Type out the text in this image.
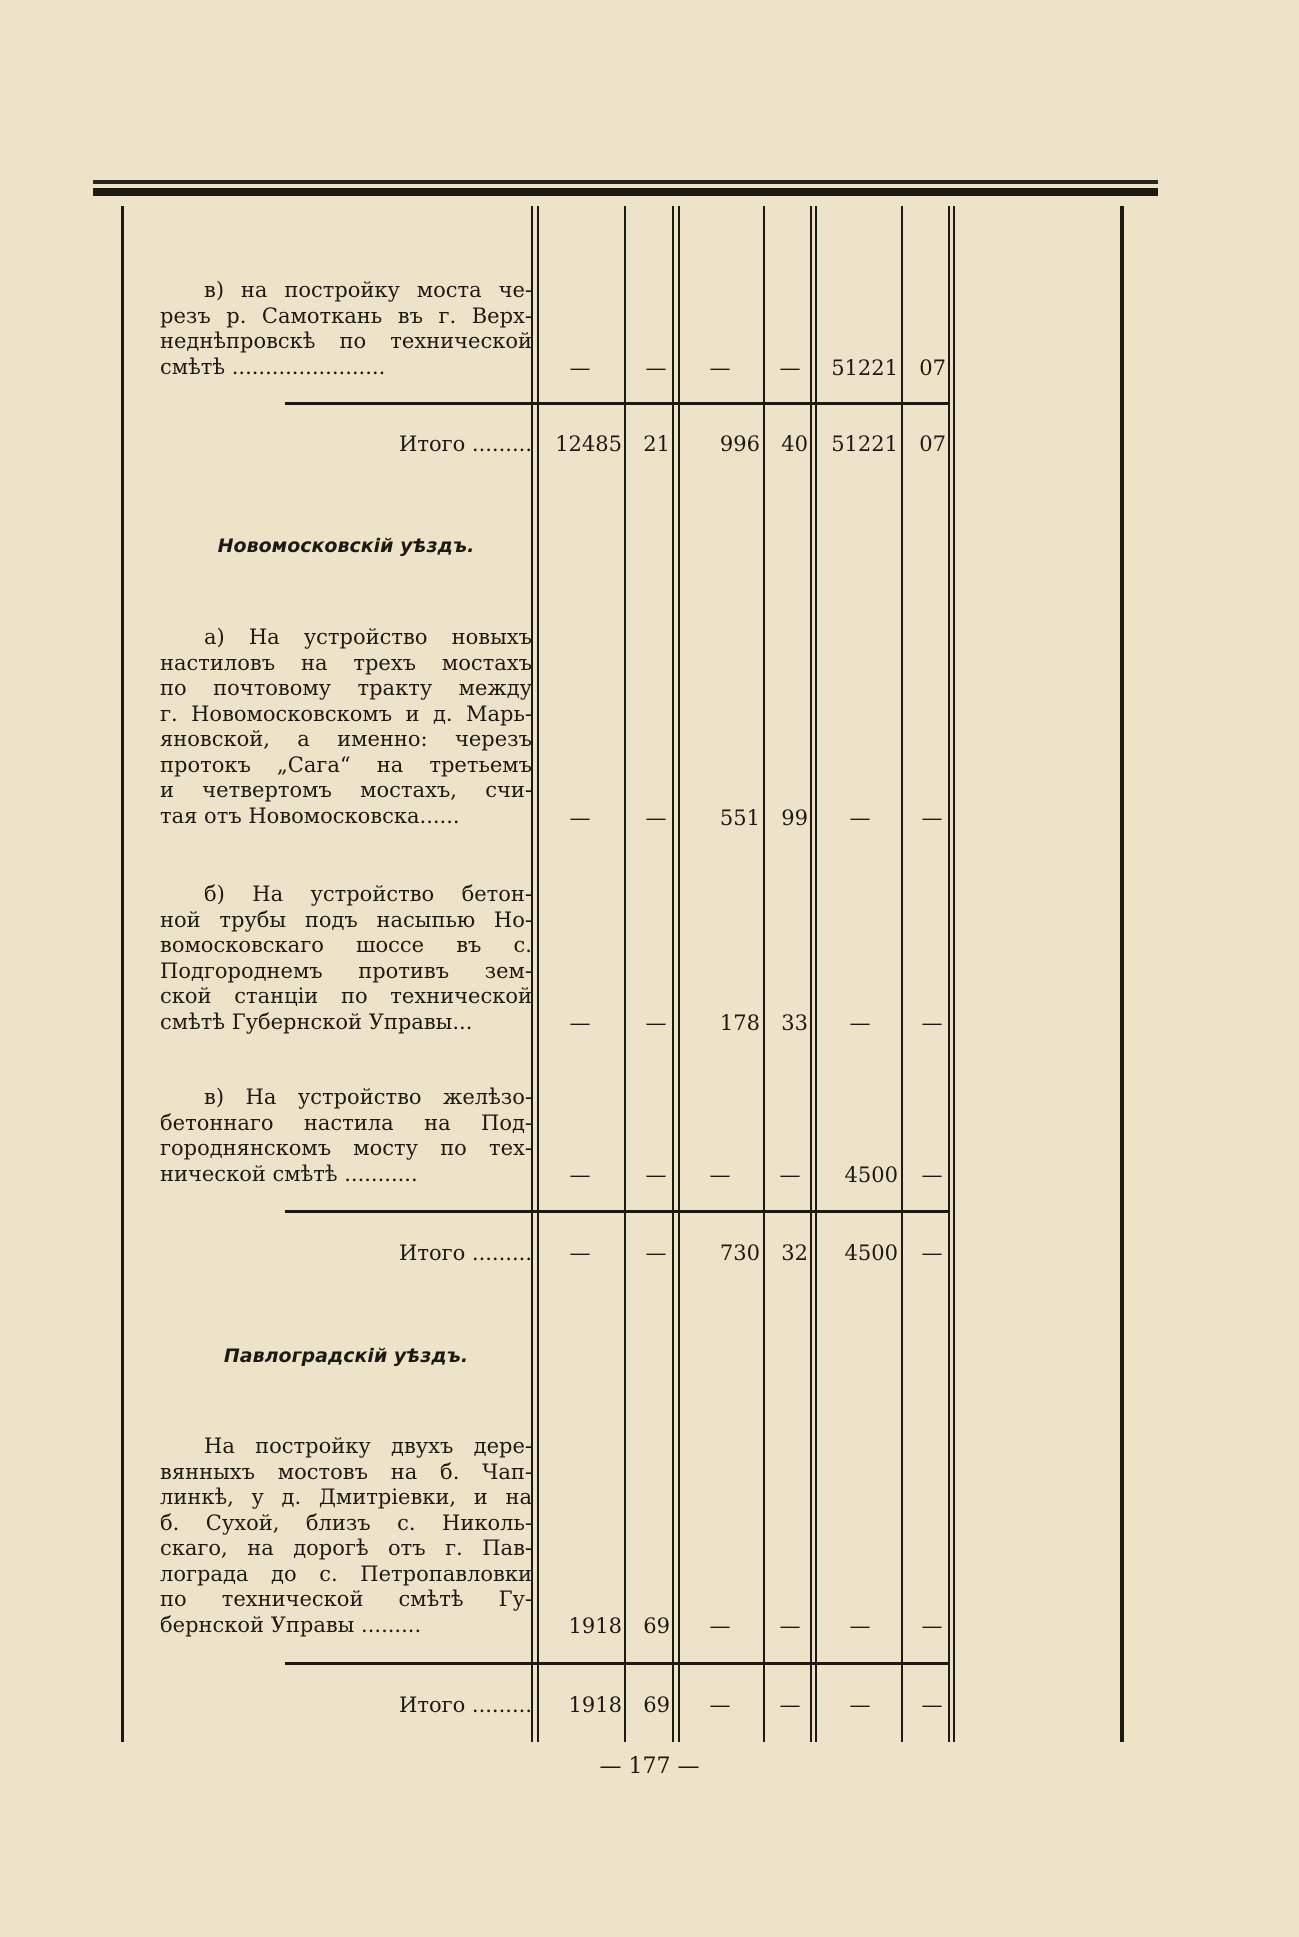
в) на постройку моста че-
резъ р. Самоткань въ г. Верх-
неднѣпровскѣ по технической
смѣтѣ .......................	—	—	—	—	51221	07
Итого .........	12485	21	996	40	51221	07
Новомосковскій уѣздъ.
а) На устройство новыхъ
настиловъ на трехъ мостахъ
по почтовому тракту между
г. Новомосковскомъ и д. Марь-
яновской, а именно: черезъ
протокъ „Сага“ на третьемъ
и четвертомъ мостахъ, счи-
тая отъ Новомосковска......	—	—	551	99	—	—
б) На устройство бетон-
ной трубы подъ насыпью Но-
вомосковскаго шоссе въ с.
Подгороднемъ противъ зем-
ской станціи по технической
смѣтѣ Губернской Управы...	—	—	178	33	—	—
в) На устройство желѣзо-
бетоннаго настила на Под-
городнянскомъ мосту по тех-
нической смѣтѣ ...........	—	—	—	—	4500	—
Итого .........	—	—	730	32	4500	—
Павлоградскій уѣздъ.
На постройку двухъ дере-
вянныхъ мостовъ на б. Чап-
линкѣ, у д. Дмитріевки, и на
б. Сухой, близъ с. Николь-
скаго, на дорогѣ отъ г. Пав-
лограда до с. Петропавловки
по технической смѣтѣ Гу-
бернской Управы .........	1918	69	—	—	—	—
Итого .........	1918	69	—	—	—	—
— 177 —
